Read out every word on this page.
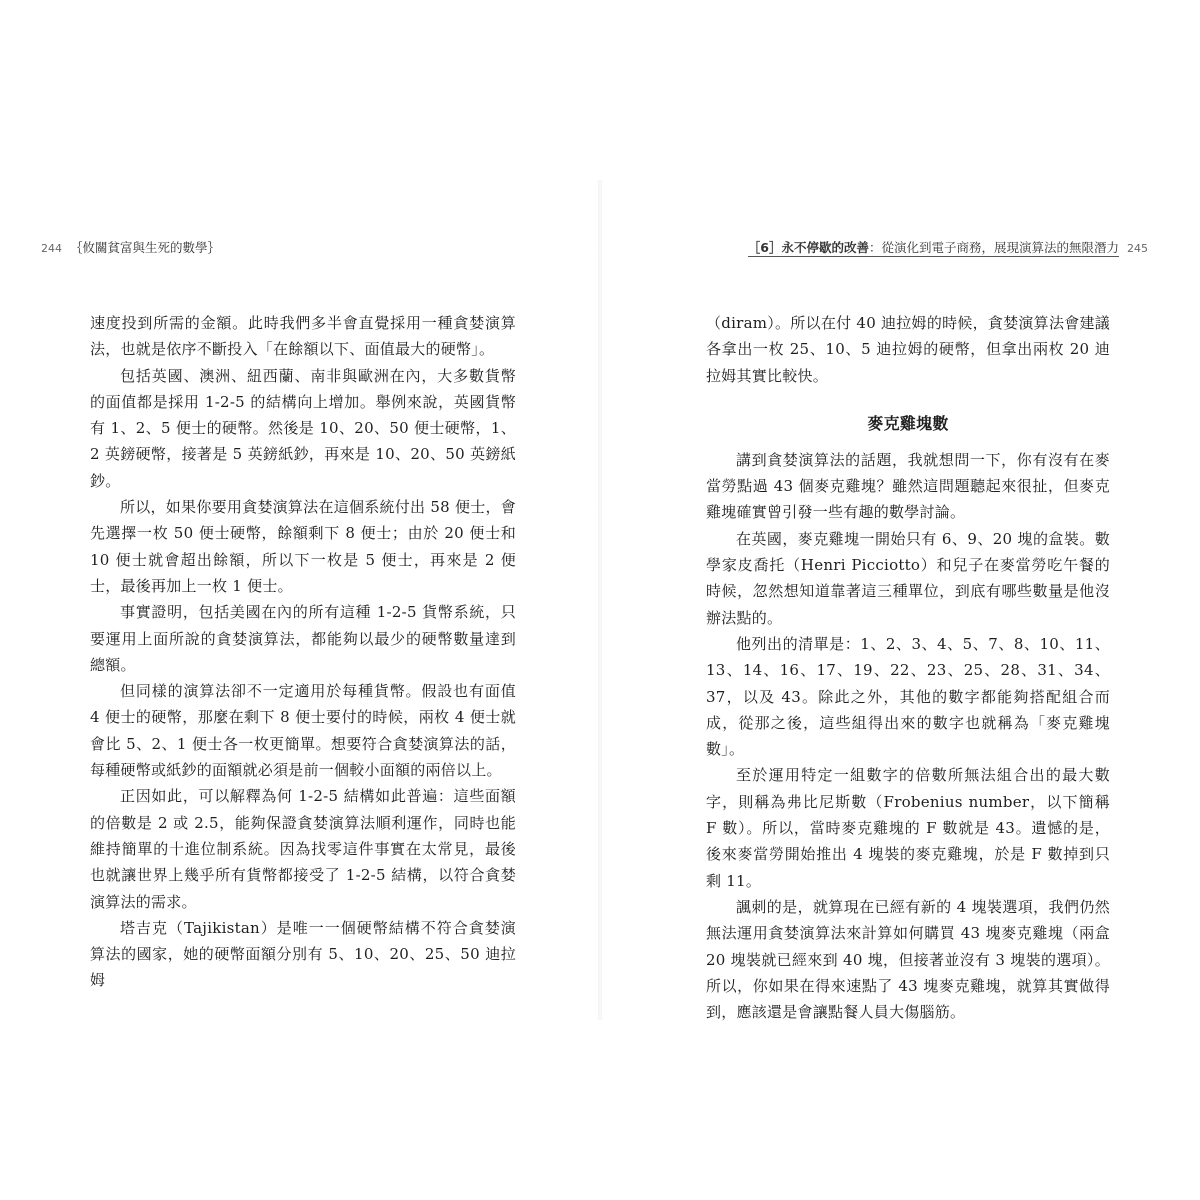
244 ｛攸關貧富與生死的數學｝	［6］永不停歇的改善：從演化到電子商務，展現演算法的無限潛力 245

速度投到所需的金額。此時我們多半會直覺採用一種貪婪演算法，也就是依序不斷投入「在餘額以下、面值最大的硬幣」。

包括英國、澳洲、紐西蘭、南非與歐洲在內，大多數貨幣的面值都是採用 1-2-5 的結構向上增加。舉例來說，英國貨幣有 1、2、5 便士的硬幣。然後是 10、20、50 便士硬幣，1、2 英鎊硬幣，接著是 5 英鎊紙鈔，再來是 10、20、50 英鎊紙鈔。

所以，如果你要用貪婪演算法在這個系統付出 58 便士，會先選擇一枚 50 便士硬幣，餘額剩下 8 便士；由於 20 便士和 10 便士就會超出餘額，所以下一枚是 5 便士，再來是 2 便士，最後再加上一枚 1 便士。

事實證明，包括美國在內的所有這種 1-2-5 貨幣系統，只要運用上面所說的貪婪演算法，都能夠以最少的硬幣數量達到總額。

但同樣的演算法卻不一定適用於每種貨幣。假設也有面值 4 便士的硬幣，那麼在剩下 8 便士要付的時候，兩枚 4 便士就會比 5、2、1 便士各一枚更簡單。想要符合貪婪演算法的話，每種硬幣或紙鈔的面額就必須是前一個較小面額的兩倍以上。

正因如此，可以解釋為何 1-2-5 結構如此普遍：這些面額的倍數是 2 或 2.5，能夠保證貪婪演算法順利運作，同時也能維持簡單的十進位制系統。因為找零這件事實在太常見，最後也就讓世界上幾乎所有貨幣都接受了 1-2-5 結構，以符合貪婪演算法的需求。

塔吉克（Tajikistan）是唯一一個硬幣結構不符合貪婪演算法的國家，她的硬幣面額分別有 5、10、20、25、50 迪拉姆

（diram）。所以在付 40 迪拉姆的時候，貪婪演算法會建議各拿出一枚 25、10、5 迪拉姆的硬幣，但拿出兩枚 20 迪拉姆其實比較快。

麥克雞塊數

講到貪婪演算法的話題，我就想問一下，你有沒有在麥當勞點過 43 個麥克雞塊？雖然這問題聽起來很扯，但麥克雞塊確實曾引發一些有趣的數學討論。

在英國，麥克雞塊一開始只有 6、9、20 塊的盒裝。數學家皮喬托（Henri Picciotto）和兒子在麥當勞吃午餐的時候，忽然想知道靠著這三種單位，到底有哪些數量是他沒辦法點的。

他列出的清單是：1、2、3、4、5、7、8、10、11、13、14、16、17、19、22、23、25、28、31、34、37，以及 43。除此之外，其他的數字都能夠搭配組合而成，從那之後，這些組得出來的數字也就稱為「麥克雞塊數」。

至於運用特定一組數字的倍數所無法組合出的最大數字，則稱為弗比尼斯數（Frobenius number，以下簡稱 F 數）。所以，當時麥克雞塊的 F 數就是 43。遺憾的是，後來麥當勞開始推出 4 塊裝的麥克雞塊，於是 F 數掉到只剩 11。

諷刺的是，就算現在已經有新的 4 塊裝選項，我們仍然無法運用貪婪演算法來計算如何購買 43 塊麥克雞塊（兩盒 20 塊裝就已經來到 40 塊，但接著並沒有 3 塊裝的選項）。所以，你如果在得來速點了 43 塊麥克雞塊，就算其實做得到，應該還是會讓點餐人員大傷腦筋。
